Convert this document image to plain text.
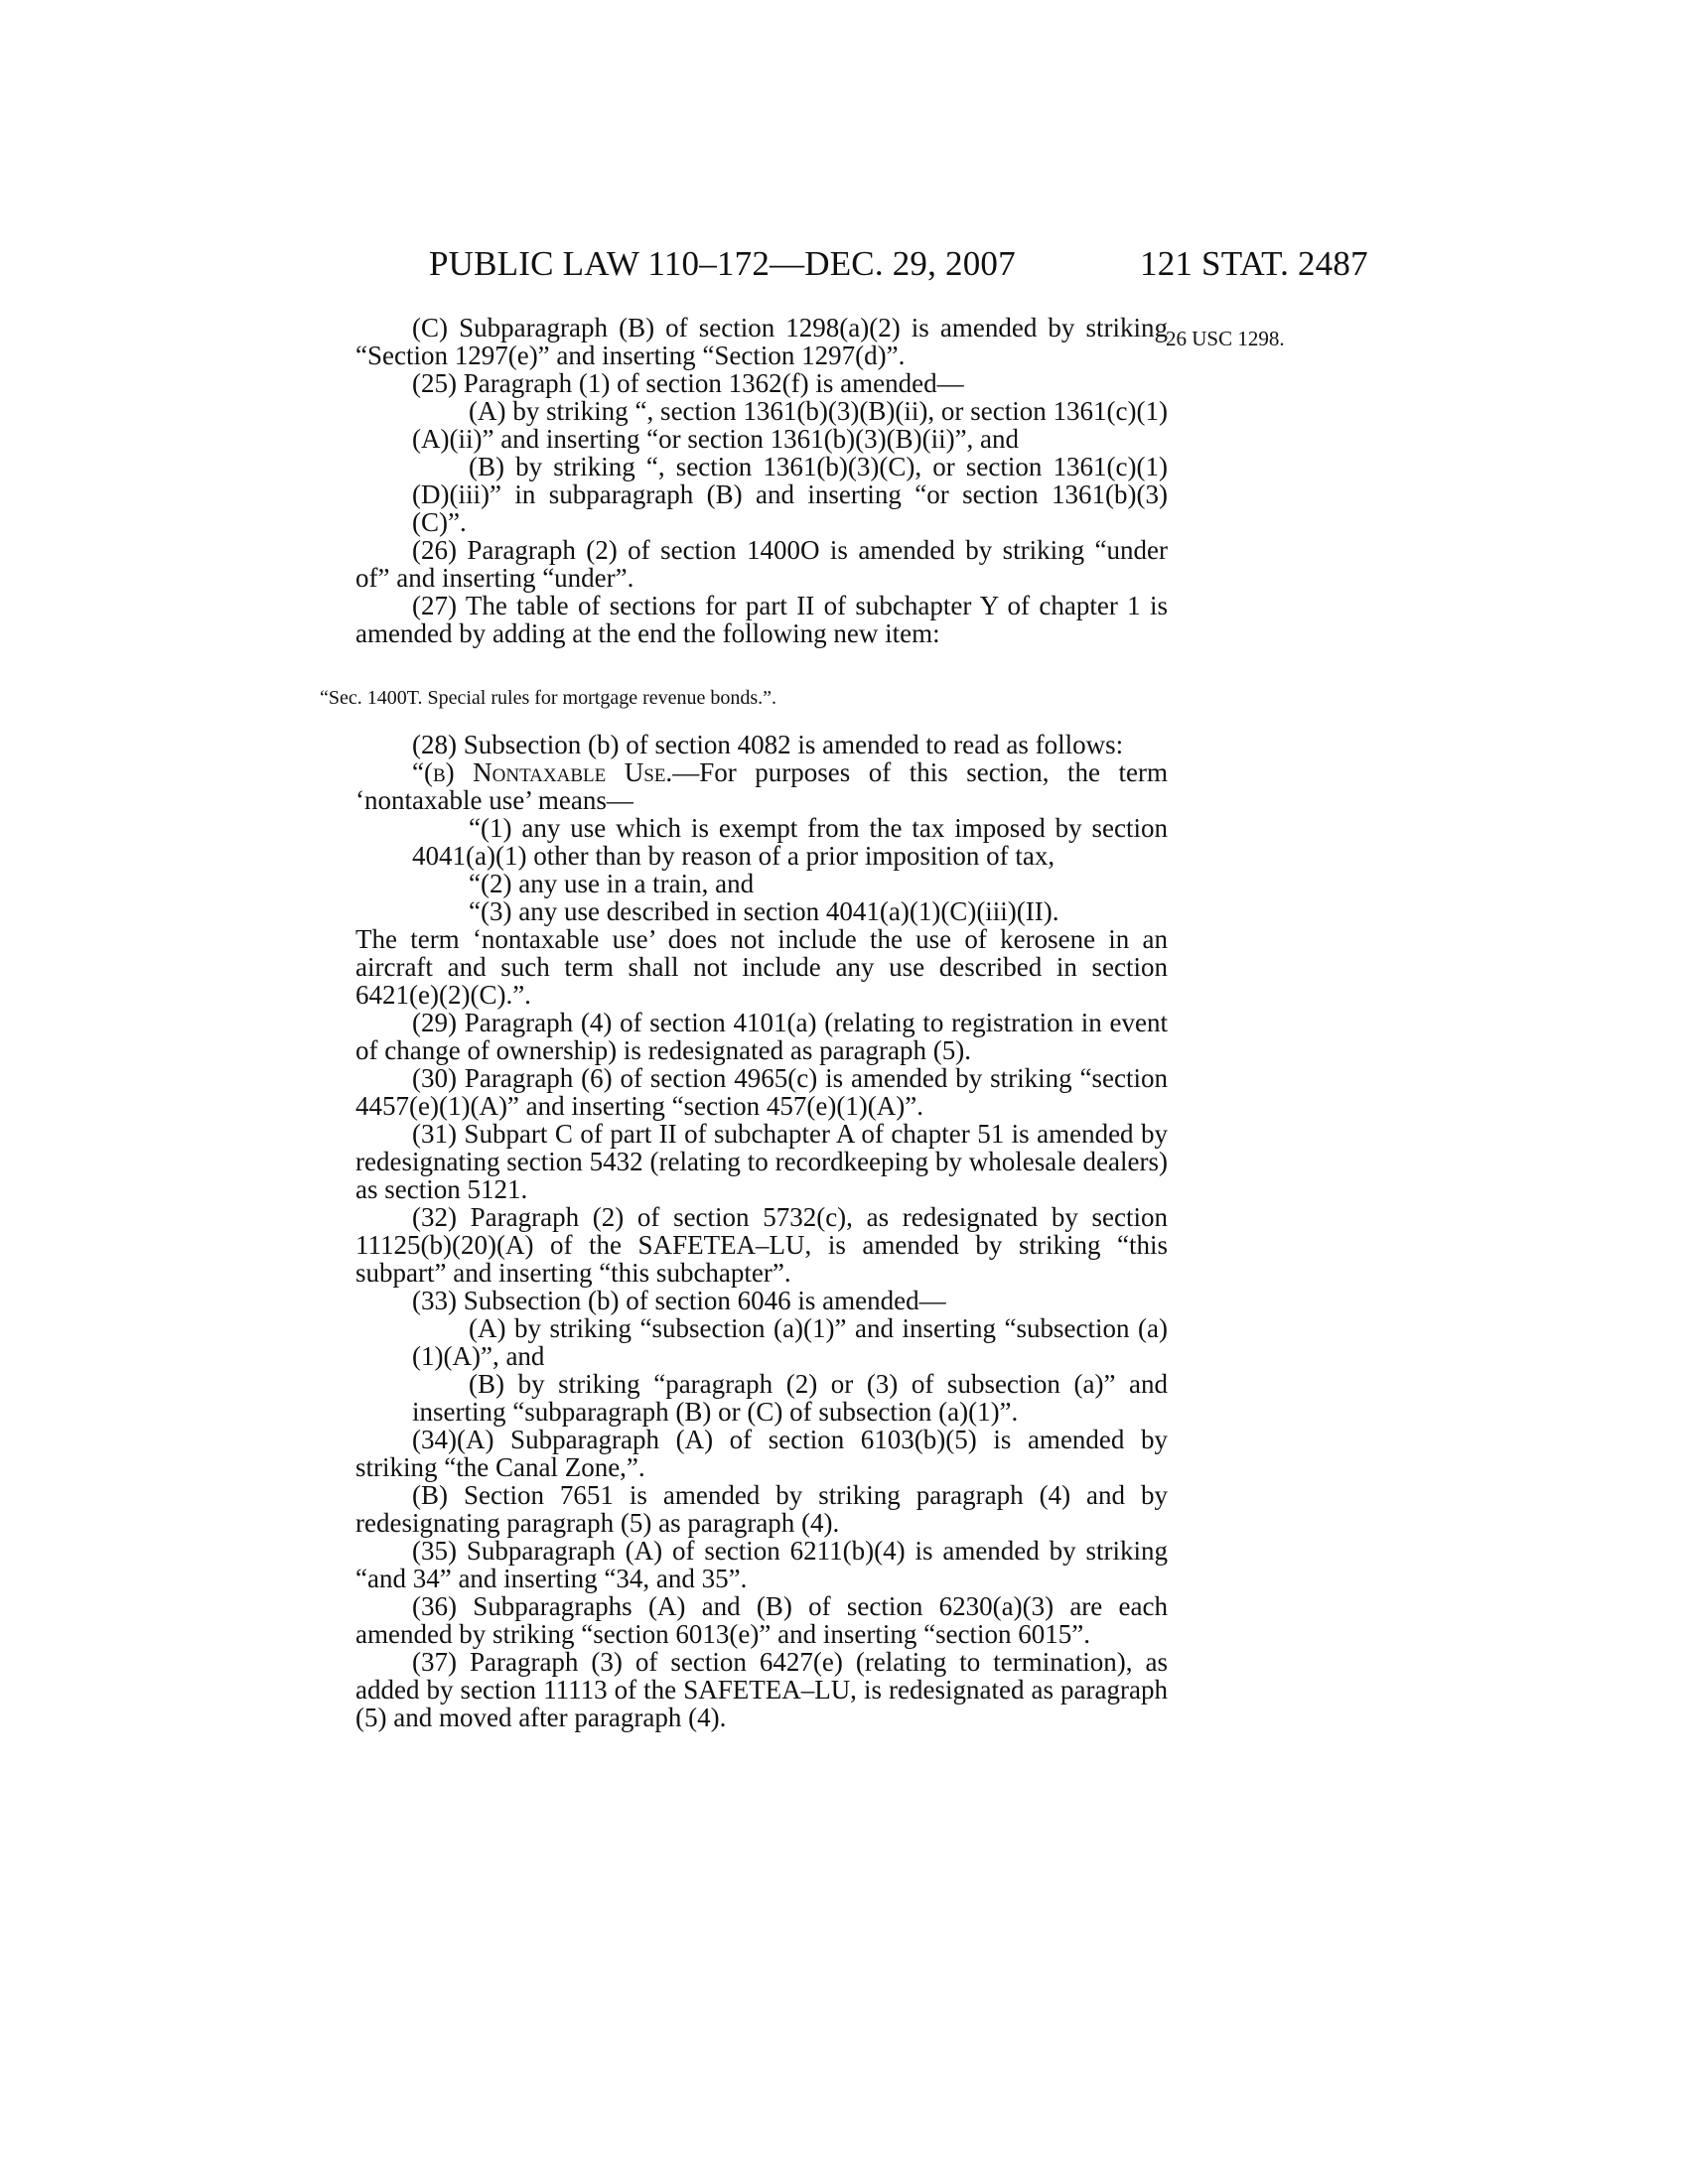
PUBLIC LAW 110–172—DEC. 29, 2007	121 STAT. 2487
26 USC 1298.

(C) Subparagraph (B) of section 1298(a)(2) is amended by striking “Section 1297(e)” and inserting “Section 1297(d)”.

(25) Paragraph (1) of section 1362(f) is amended—

(A) by striking “, section 1361(b)(3)(B)(ii), or section 1361(c)(1)(A)(ii)” and inserting “or section 1361(b)(3)(B)(ii)”, and

(B) by striking “, section 1361(b)(3)(C), or section 1361(c)(1)(D)(iii)” in subparagraph (B) and inserting “or section 1361(b)(3)(C)”.

(26) Paragraph (2) of section 1400O is amended by striking “under of” and inserting “under”.

(27) The table of sections for part II of subchapter Y of chapter 1 is amended by adding at the end the following new item:

“Sec. 1400T. Special rules for mortgage revenue bonds.”.

(28) Subsection (b) of section 4082 is amended to read as follows:

“(b) Nontaxable Use.—For purposes of this section, the term ‘nontaxable use’ means—

“(1) any use which is exempt from the tax imposed by section 4041(a)(1) other than by reason of a prior imposition of tax,

“(2) any use in a train, and

“(3) any use described in section 4041(a)(1)(C)(iii)(II).

The term ‘nontaxable use’ does not include the use of kerosene in an aircraft and such term shall not include any use described in section 6421(e)(2)(C).”.

(29) Paragraph (4) of section 4101(a) (relating to registration in event of change of ownership) is redesignated as paragraph (5).

(30) Paragraph (6) of section 4965(c) is amended by striking “section 4457(e)(1)(A)” and inserting “section 457(e)(1)(A)”.

(31) Subpart C of part II of subchapter A of chapter 51 is amended by redesignating section 5432 (relating to recordkeeping by wholesale dealers) as section 5121.

(32) Paragraph (2) of section 5732(c), as redesignated by section 11125(b)(20)(A) of the SAFETEA–LU, is amended by striking “this subpart” and inserting “this subchapter”.

(33) Subsection (b) of section 6046 is amended—

(A) by striking “subsection (a)(1)” and inserting “subsection (a)(1)(A)”, and

(B) by striking “paragraph (2) or (3) of subsection (a)” and inserting “subparagraph (B) or (C) of subsection (a)(1)”.

(34)(A) Subparagraph (A) of section 6103(b)(5) is amended by striking “the Canal Zone,”.

(B) Section 7651 is amended by striking paragraph (4) and by redesignating paragraph (5) as paragraph (4).

(35) Subparagraph (A) of section 6211(b)(4) is amended by striking “and 34” and inserting “34, and 35”.

(36) Subparagraphs (A) and (B) of section 6230(a)(3) are each amended by striking “section 6013(e)” and inserting “section 6015”.

(37) Paragraph (3) of section 6427(e) (relating to termination), as added by section 11113 of the SAFETEA–LU, is redesignated as paragraph (5) and moved after paragraph (4).
